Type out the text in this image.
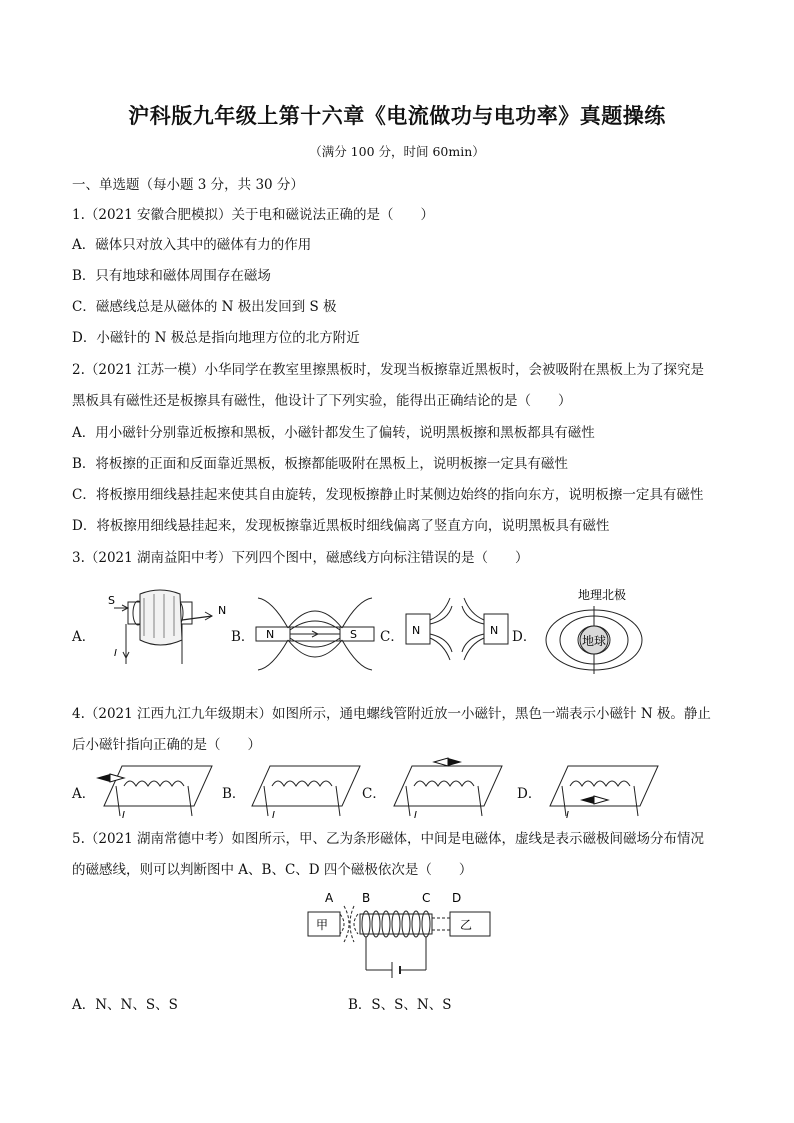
沪科版九年级上第十六章《电流做功与电功率》真题操练
（满分 100 分，时间 60min）
一、单选题（每小题 3 分，共 30 分）
1.（2021 安徽合肥模拟）关于电和磁说法正确的是（　　）
A．磁体只对放入其中的磁体有力的作用
B．只有地球和磁体周围存在磁场
C．磁感线总是从磁体的 N 极出发回到 S 极
D．小磁针的 N 极总是指向地理方位的北方附近
2.（2021 江苏一模）小华同学在教室里擦黑板时，发现当板擦靠近黑板时，会被吸附在黑板上为了探究是
黑板具有磁性还是板擦具有磁性，他设计了下列实验，能得出正确结论的是（　　）
A．用小磁针分别靠近板擦和黑板，小磁针都发生了偏转，说明黑板擦和黑板都具有磁性
B．将板擦的正面和反面靠近黑板，板擦都能吸附在黑板上，说明板擦一定具有磁性
C．将板擦用细线悬挂起来使其自由旋转，发现板擦静止时某侧边始终的指向东方，说明板擦一定具有磁性
D．将板擦用细线悬挂起来，发现板擦靠近黑板时细线偏离了竖直方向，说明黑板具有磁性
3.（2021 湖南益阳中考）下列四个图中，磁感线方向标注错误的是（　　）
A．
S
N
I
B． N	S C． N	N D．
地理北极
地球
4.（2021 江西九江九年级期末）如图所示，通电螺线管附近放一小磁针，黑色一端表示小磁针 N 极。静止
后小磁针指向正确的是（　　）
A．
I
B．
I
C．
I
D．
I
5.（2021 湖南常德中考）如图所示，甲、乙为条形磁体，中间是电磁体，虚线是表示磁极间磁场分布情况
的磁感线，则可以判断图中 A、B、C、D 四个磁极依次是（　　）
A B	C D
甲	乙
A．N、N、S、S	B．S、S、N、S
